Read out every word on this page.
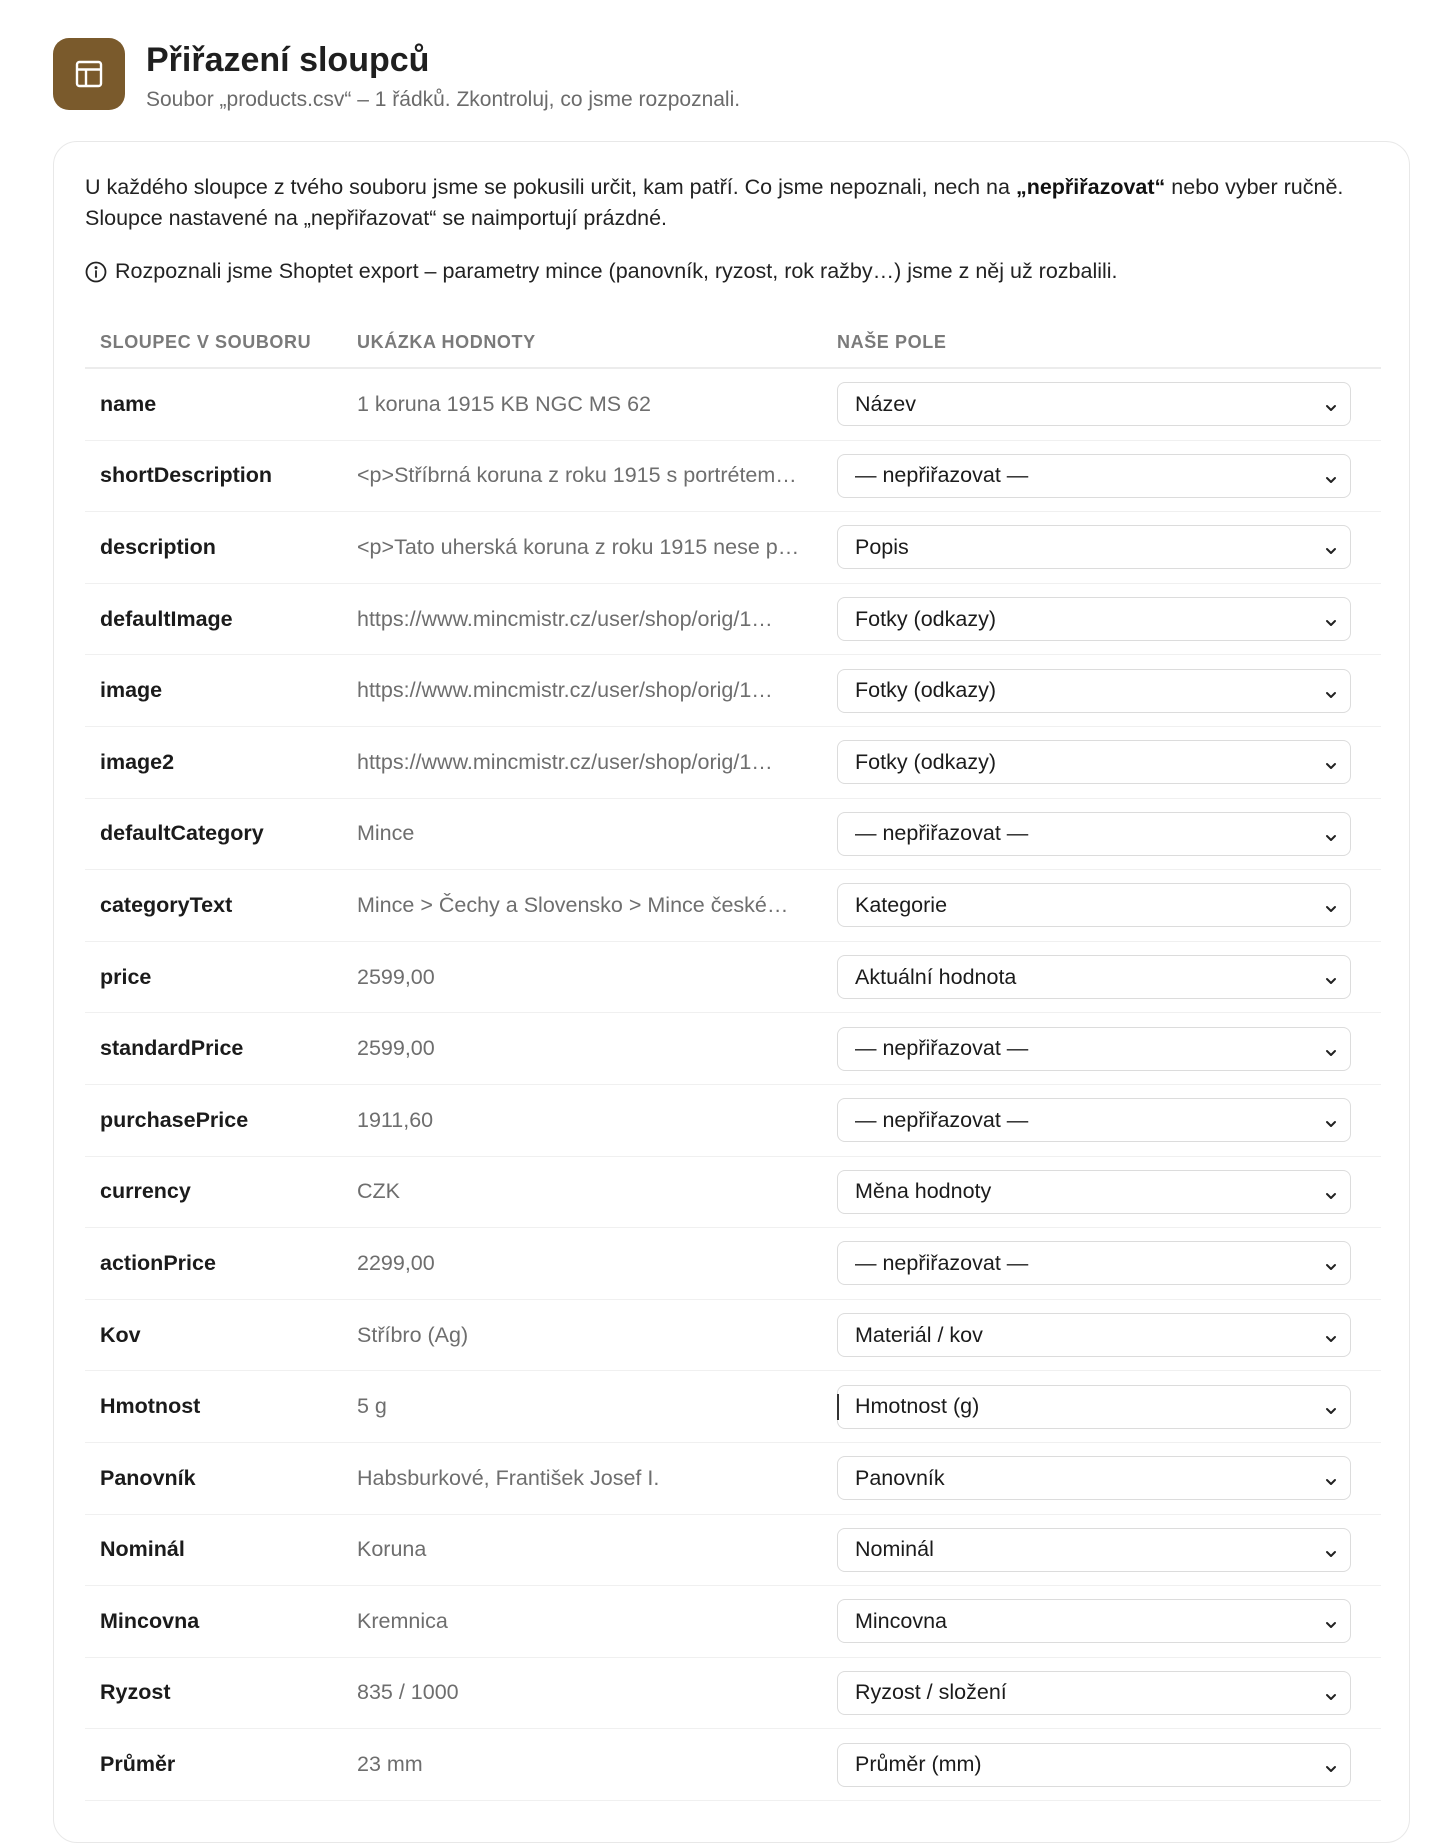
Přiřazení sloupců
Soubor „products.csv“ – 1 řádků. Zkontroluj, co jsme rozpoznali.
U každého sloupce z tvého souboru jsme se pokusili určit, kam patří. Co jsme nepoznali, nech na „nepřiřazovat“ nebo vyber ručně. Sloupce nastavené na „nepřiřazovat“ se naimportují prázdné.
Rozpoznali jsme Shoptet export – parametry mince (panovník, ryzost, rok ražby…) jsme z něj už rozbalili.
SLOUPEC V SOUBORU	UKÁZKA HODNOTY	NAŠE POLE
name	1 koruna 1915 KB NGC MS 62	Název
shortDescription	<p>Stříbrná koruna z roku 1915 s portrétem…	— nepřiřazovat —
description	<p>Tato uherská koruna z roku 1915 nese p…	Popis
defaultImage	https://www.mincmistr.cz/user/shop/orig/1…	Fotky (odkazy)
image	https://www.mincmistr.cz/user/shop/orig/1…	Fotky (odkazy)
image2	https://www.mincmistr.cz/user/shop/orig/1…	Fotky (odkazy)
defaultCategory	Mince	— nepřiřazovat —
categoryText	Mince > Čechy a Slovensko > Mince české…	Kategorie
price	2599,00	Aktuální hodnota
standardPrice	2599,00	— nepřiřazovat —
purchasePrice	1911,60	— nepřiřazovat —
currency	CZK	Měna hodnoty
actionPrice	2299,00	— nepřiřazovat —
Kov	Stříbro (Ag)	Materiál / kov
Hmotnost	5 g	Hmotnost (g)
Panovník	Habsburkové, František Josef I.	Panovník
Nominál	Koruna	Nominál
Mincovna	Kremnica	Mincovna
Ryzost	835 / 1000	Ryzost / složení
Průměr	23 mm	Průměr (mm)
